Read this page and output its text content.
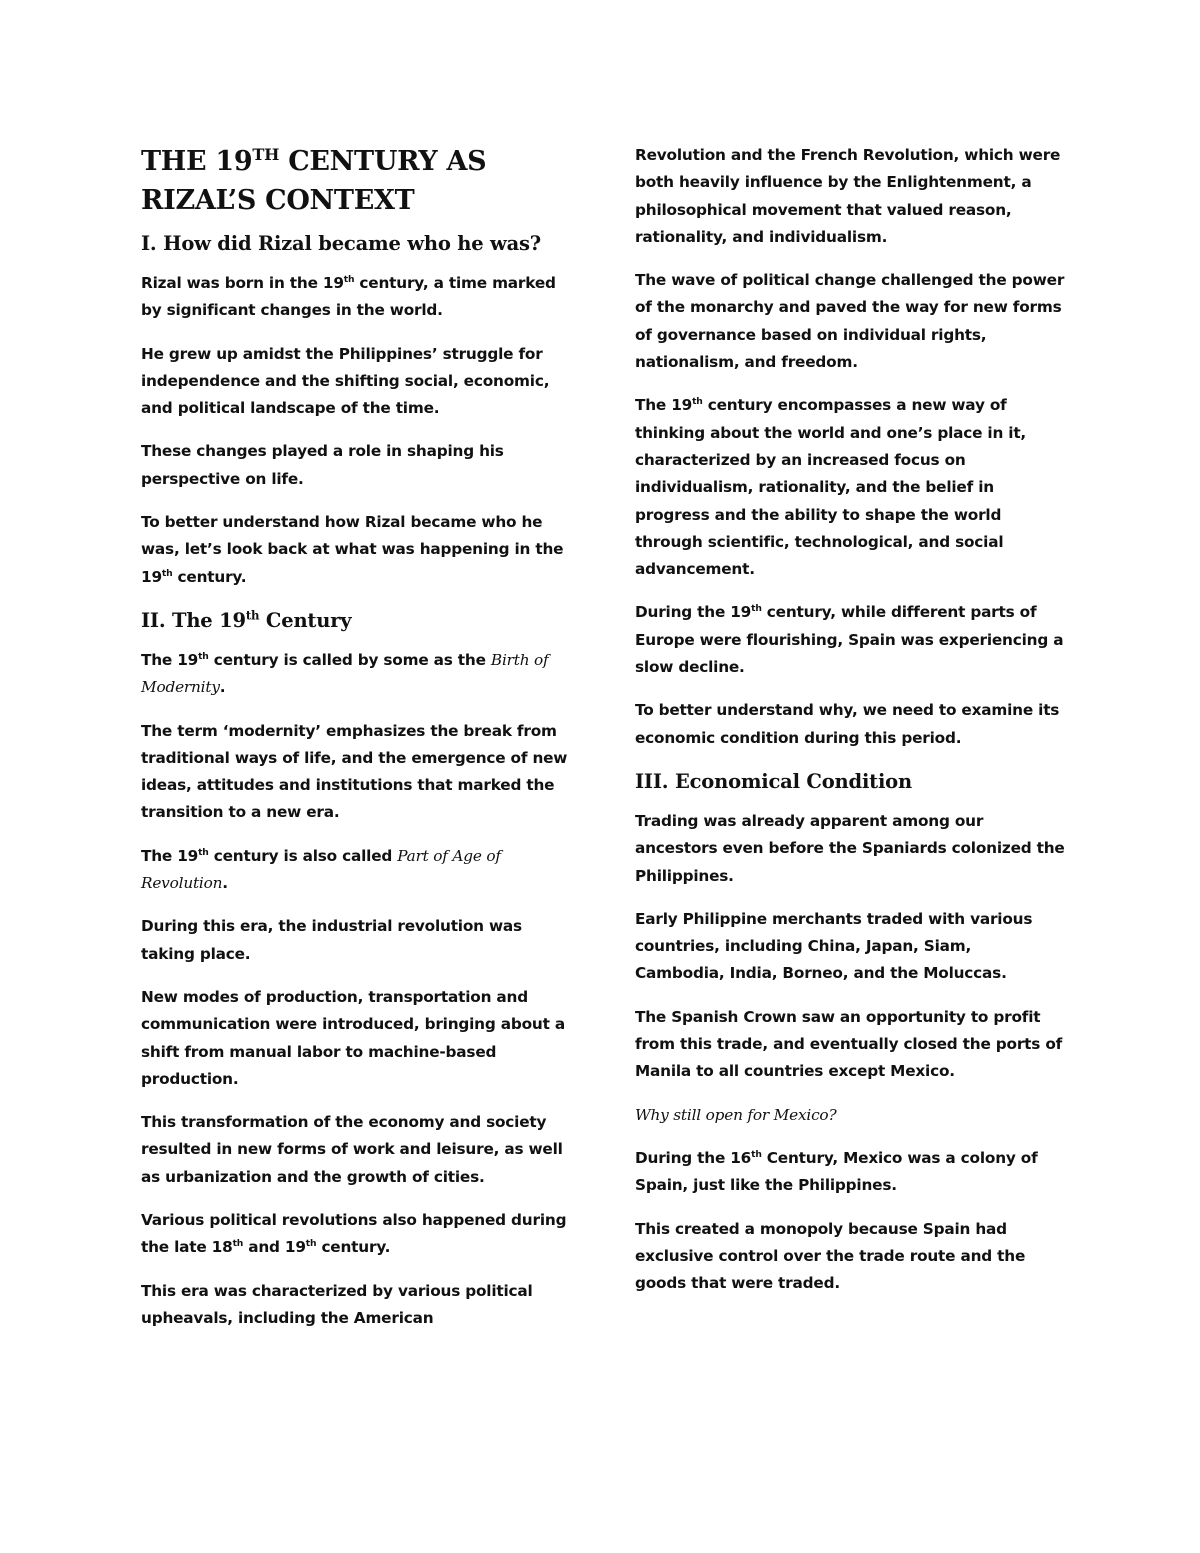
THE 19TH CENTURY AS
RIZAL’S CONTEXT
I. How did Rizal became who he was?

Rizal was born in the 19th century, a time marked by significant changes in the world.

He grew up amidst the Philippines’ struggle for independence and the shifting social, economic, and political landscape of the time.

These changes played a role in shaping his perspective on life.

To better understand how Rizal became who he was, let’s look back at what was happening in the 19th century.

II. The 19th Century

The 19th century is called by some as the Birth of Modernity.

The term ‘modernity’ emphasizes the break from traditional ways of life, and the emergence of new ideas, attitudes and institutions that marked the transition to a new era.

The 19th century is also called Part of Age of Revolution.

During this era, the industrial revolution was taking place.

New modes of production, transportation and communication were introduced, bringing about a shift from manual labor to machine-based production.

This transformation of the economy and society resulted in new forms of work and leisure, as well as urbanization and the growth of cities.

Various political revolutions also happened during the late 18th and 19th century.

This era was characterized by various political upheavals, including the American

Revolution and the French Revolution, which were both heavily influence by the Enlightenment, a philosophical movement that valued reason, rationality, and individualism.

The wave of political change challenged the power of the monarchy and paved the way for new forms of governance based on individual rights, nationalism, and freedom.

The 19th century encompasses a new way of thinking about the world and one’s place in it, characterized by an increased focus on individualism, rationality, and the belief in progress and the ability to shape the world through scientific, technological, and social advancement.

During the 19th century, while different parts of Europe were flourishing, Spain was experiencing a slow decline.

To better understand why, we need to examine its economic condition during this period.

III. Economical Condition

Trading was already apparent among our ancestors even before the Spaniards colonized the Philippines.

Early Philippine merchants traded with various countries, including China, Japan, Siam, Cambodia, India, Borneo, and the Moluccas.

The Spanish Crown saw an opportunity to profit from this trade, and eventually closed the ports of Manila to all countries except Mexico.

Why still open for Mexico?

During the 16th Century, Mexico was a colony of Spain, just like the Philippines.

This created a monopoly because Spain had exclusive control over the trade route and the goods that were traded.
